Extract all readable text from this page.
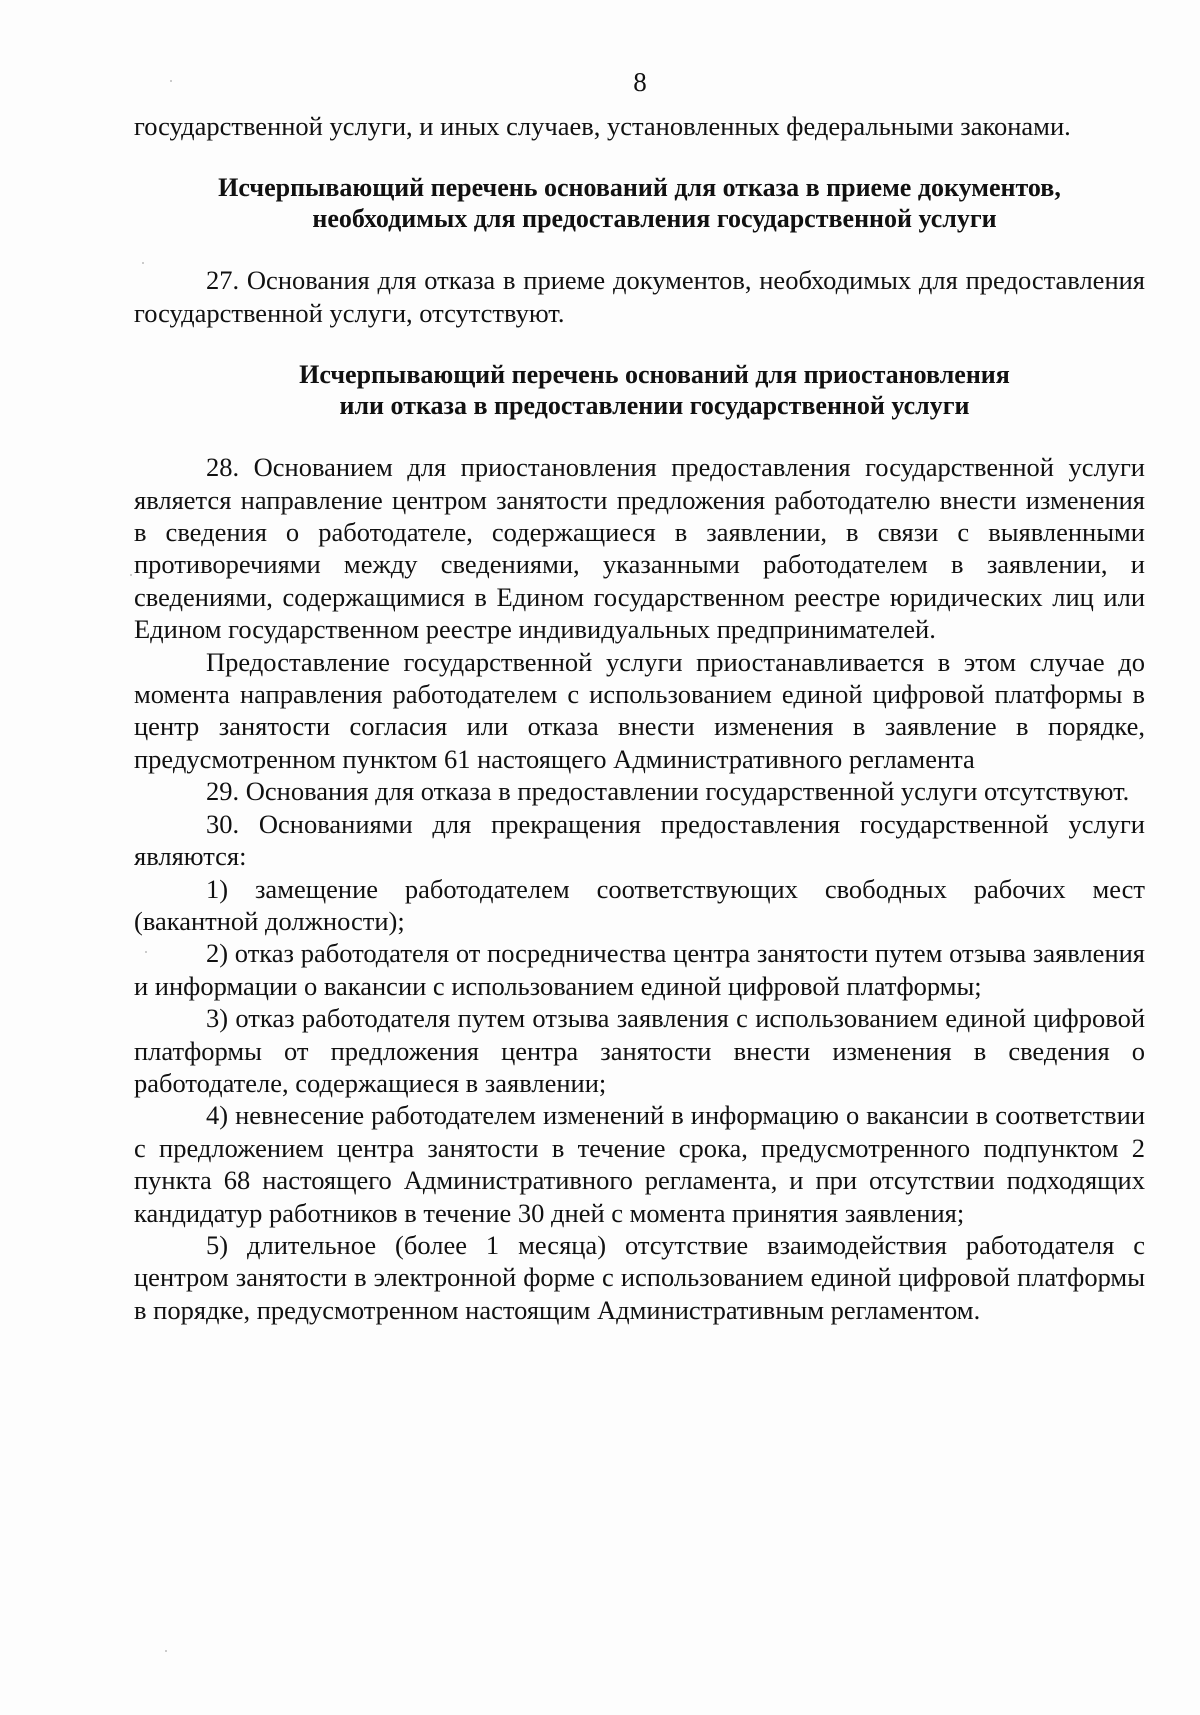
8

государственной услуги, и иных случаев, установленных федеральными законами.

Исчерпывающий перечень оснований для отказа в приеме документов,
необходимых для предоставления государственной услуги

27. Основания для отказа в приеме документов, необходимых для предоставления государственной услуги, отсутствуют.

Исчерпывающий перечень оснований для приостановления
или отказа в предоставлении государственной услуги

28. Основанием для приостановления предоставления государственной услуги является направление центром занятости предложения работодателю внести изменения в сведения о работодателе, содержащиеся в заявлении, в связи с выявленными противоречиями между сведениями, указанными работодателем в заявлении, и сведениями, содержащимися в Едином государственном реестре юридических лиц или Едином государственном реестре индивидуальных предпринимателей.

Предоставление государственной услуги приостанавливается в этом случае до момента направления работодателем с использованием единой цифровой платформы в центр занятости согласия или отказа внести изменения в заявление в порядке, предусмотренном пунктом 61 настоящего Административного регламента

29. Основания для отказа в предоставлении государственной услуги отсутствуют.

30. Основаниями для прекращения предоставления государственной услуги являются:

1) замещение работодателем соответствующих свободных рабочих мест (вакантной должности);

2) отказ работодателя от посредничества центра занятости путем отзыва заявления и информации о вакансии с использованием единой цифровой платформы;

3) отказ работодателя путем отзыва заявления с использованием единой цифровой платформы от предложения центра занятости внести изменения в сведения о работодателе, содержащиеся в заявлении;

4) невнесение работодателем изменений в информацию о вакансии в соответствии с предложением центра занятости в течение срока, предусмотренного подпунктом 2 пункта 68 настоящего Административного регламента, и при отсутствии подходящих кандидатур работников в течение 30 дней с момента принятия заявления;

5) длительное (более 1 месяца) отсутствие взаимодействия работодателя с центром занятости в электронной форме с использованием единой цифровой платформы в порядке, предусмотренном настоящим Административным регламентом.
